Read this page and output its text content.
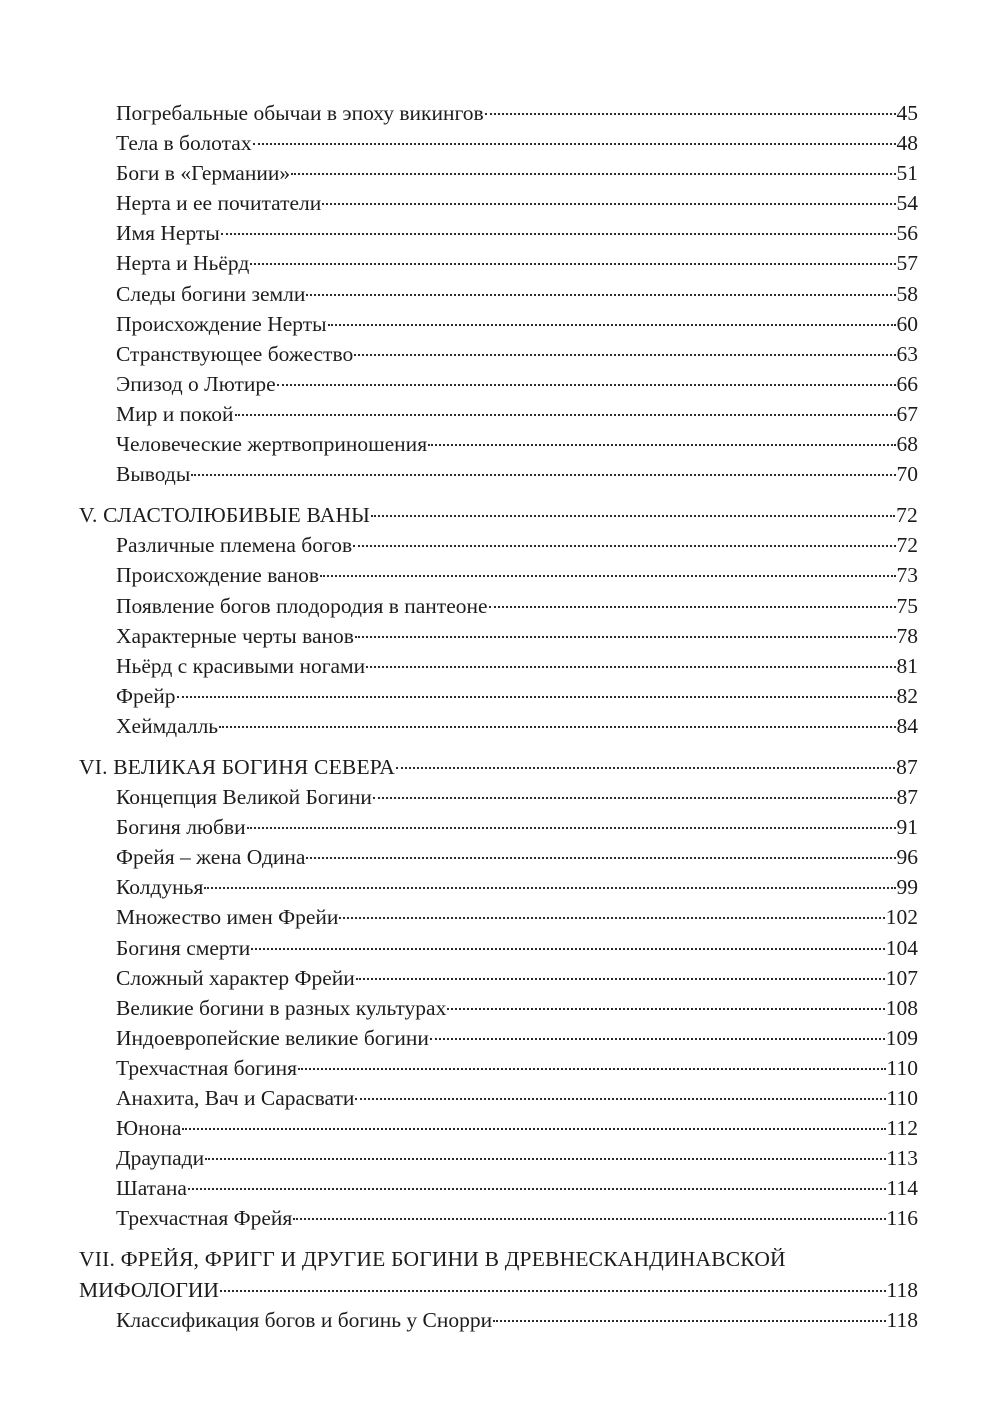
Погребальные обычаи в эпоху викингов	45
Тела в болотах	48
Боги в «Германии»	51
Нерта и ее почитатели	54
Имя Нерты	56
Нерта и Ньёрд	57
Следы богини земли	58
Происхождение Нерты	60
Странствующее божество	63
Эпизод о Лютире	66
Мир и покой	67
Человеческие жертвоприношения	68
Выводы	70
V. СЛАСТОЛЮБИВЫЕ ВАНЫ	72
Различные племена богов	72
Происхождение ванов	73
Появление богов плодородия в пантеоне	75
Характерные черты ванов	78
Ньёрд с красивыми ногами	81
Фрейр	82
Хеймдалль	84
VI. ВЕЛИКАЯ БОГИНЯ СЕВЕРА	87
Концепция Великой Богини	87
Богиня любви	91
Фрейя – жена Одина	96
Колдунья	99
Множество имен Фрейи	102
Богиня смерти	104
Сложный характер Фрейи	107
Великие богини в разных культурах	108
Индоевропейские великие богини	109
Трехчастная богиня	110
Анахита, Вач и Сарасвати	110
Юнона	112
Драупади	113
Шатана	114
Трехчастная Фрейя	116
VII. ФРЕЙЯ, ФРИГГ И ДРУГИЕ БОГИНИ В ДРЕВНЕСКАНДИНАВСКОЙ
МИФОЛОГИИ	118
Классификация богов и богинь у Снорри	118
